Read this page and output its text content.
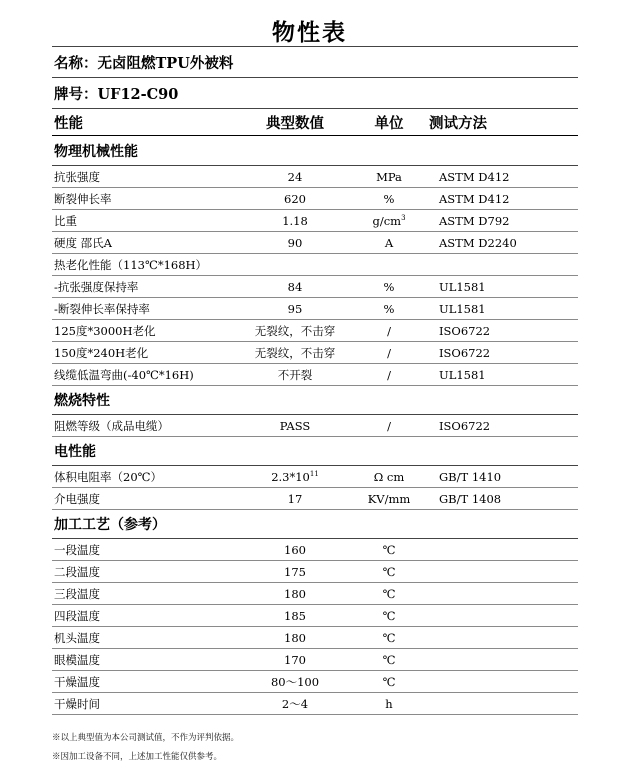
物性表
名称：无卤阻燃TPU外被料			
牌号：UF12-C90			
性能	典型数值	单位	测试方法
物理机械性能			
抗张强度	24	MPa	ASTM D412
断裂伸长率	620	%	ASTM D412
比重	1.18	$g/cm^3$	ASTM D792
硬度 邵氏A	90	A	ASTM D2240
热老化性能（113℃*168H）			
-抗张强度保持率	84	%	UL1581
-断裂伸长率保持率	95	%	UL1581
125度*3000H老化	无裂纹，不击穿	/	ISO6722
150度*240H老化	无裂纹，不击穿	/	ISO6722
线缆低温弯曲(-40℃*16H)	不开裂	/	UL1581
燃烧特性			
阻燃等级（成品电缆）	PASS	/	ISO6722
电性能			
体积电阻率（20℃）	$2.3*10^{11}$	Ω cm	GB/T 1410
介电强度	17	KV/mm	GB/T 1408
加工工艺（参考）			
一段温度	160	℃	
二段温度	175	℃	
三段温度	180	℃	
四段温度	185	℃	
机头温度	180	℃	
眼模温度	170	℃	
干燥温度	80～100	℃	
干燥时间	2～4	h	
※以上典型值为本公司测试值，不作为评判依据。
※因加工设备不同，上述加工性能仅供参考。
